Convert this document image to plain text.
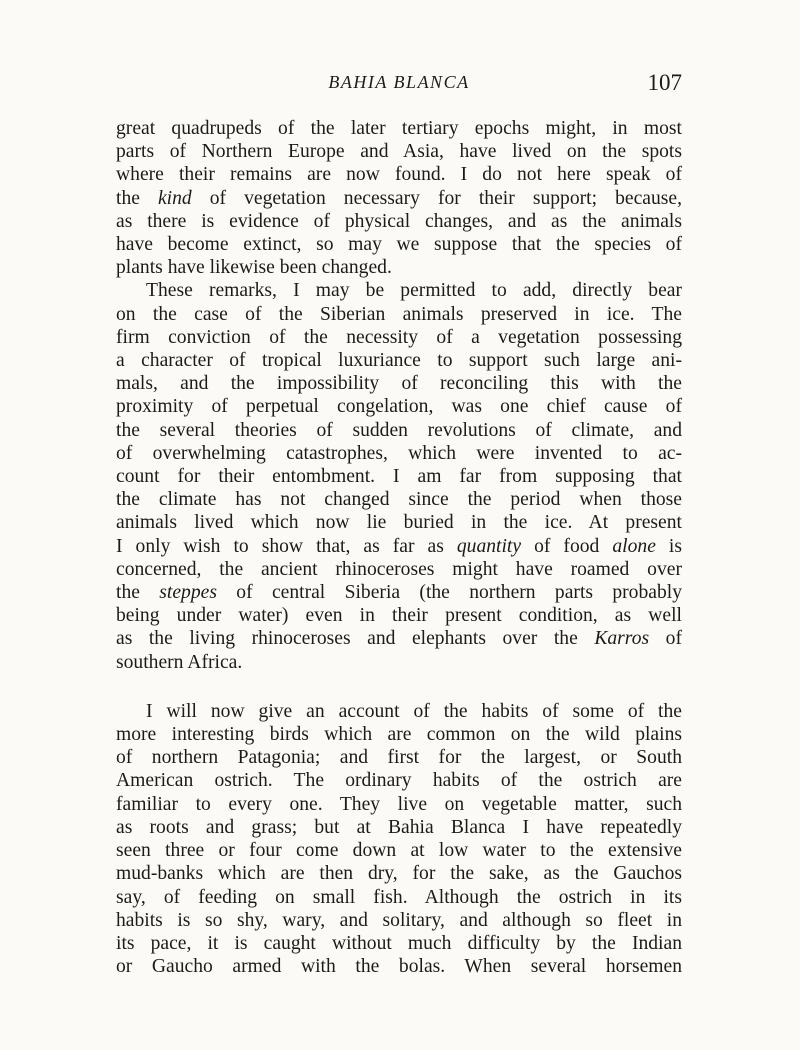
BAHIA BLANCA	107

great quadrupeds of the later tertiary epochs might, in most
parts of Northern Europe and Asia, have lived on the spots
where their remains are now found. I do not here speak of
the kind of vegetation necessary for their support; because,
as there is evidence of physical changes, and as the animals
have become extinct, so may we suppose that the species of
plants have likewise been changed.

These remarks, I may be permitted to add, directly bear
on the case of the Siberian animals preserved in ice. The
firm conviction of the necessity of a vegetation possessing
a character of tropical luxuriance to support such large ani-
mals, and the impossibility of reconciling this with the
proximity of perpetual congelation, was one chief cause of
the several theories of sudden revolutions of climate, and
of overwhelming catastrophes, which were invented to ac-
count for their entombment. I am far from supposing that
the climate has not changed since the period when those
animals lived which now lie buried in the ice. At present
I only wish to show that, as far as quantity of food alone is
concerned, the ancient rhinoceroses might have roamed over
the steppes of central Siberia (the northern parts probably
being under water) even in their present condition, as well
as the living rhinoceroses and elephants over the Karros of
southern Africa.

I will now give an account of the habits of some of the
more interesting birds which are common on the wild plains
of northern Patagonia; and first for the largest, or South
American ostrich. The ordinary habits of the ostrich are
familiar to every one. They live on vegetable matter, such
as roots and grass; but at Bahia Blanca I have repeatedly
seen three or four come down at low water to the extensive
mud-banks which are then dry, for the sake, as the Gauchos
say, of feeding on small fish. Although the ostrich in its
habits is so shy, wary, and solitary, and although so fleet in
its pace, it is caught without much difficulty by the Indian
or Gaucho armed with the bolas. When several horsemen
